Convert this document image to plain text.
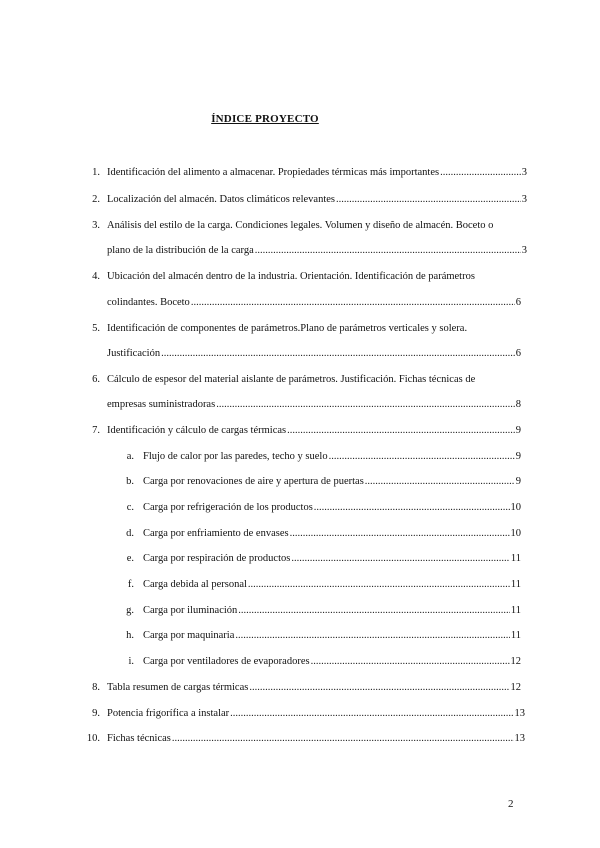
ÍNDICE PROYECTO
1. Identificación del alimento a almacenar. Propiedades térmicas más importantes .....	3
2. Localización del almacén. Datos climáticos relevantes .....	3
3. Análisis del estilo de la carga. Condiciones legales. Volumen y diseño de almacén. Boceto o
plano de la distribución de la carga .....	3
4. Ubicación del almacén dentro de la industria. Orientación. Identificación de parámetros
colindantes. Boceto .....	6
5. Identificación de componentes de parámetros.Plano de parámetros verticales y solera.
Justificación .....	6
6. Cálculo de espesor del material aislante de parámetros. Justificación. Fichas técnicas de
empresas suministradoras .....	8
7. Identificación y cálculo de cargas térmicas .....	9
a. Flujo de calor por las paredes, techo y suelo .....	9
b. Carga por renovaciones de aire y apertura de puertas .....	9
c. Carga por refrigeración de los productos .....	10
d. Carga por enfriamiento de envases .....	10
e. Carga por respiración de productos .....	11
f. Carga debida al personal .....	11
g. Carga por iluminación .....	11
h. Carga por maquinaria .....	11
i. Carga por ventiladores de evaporadores .....	12
8. Tabla resumen de cargas térmicas .....	12
9. Potencia frigorífica a instalar .....	13
10. Fichas técnicas .....	13
2
